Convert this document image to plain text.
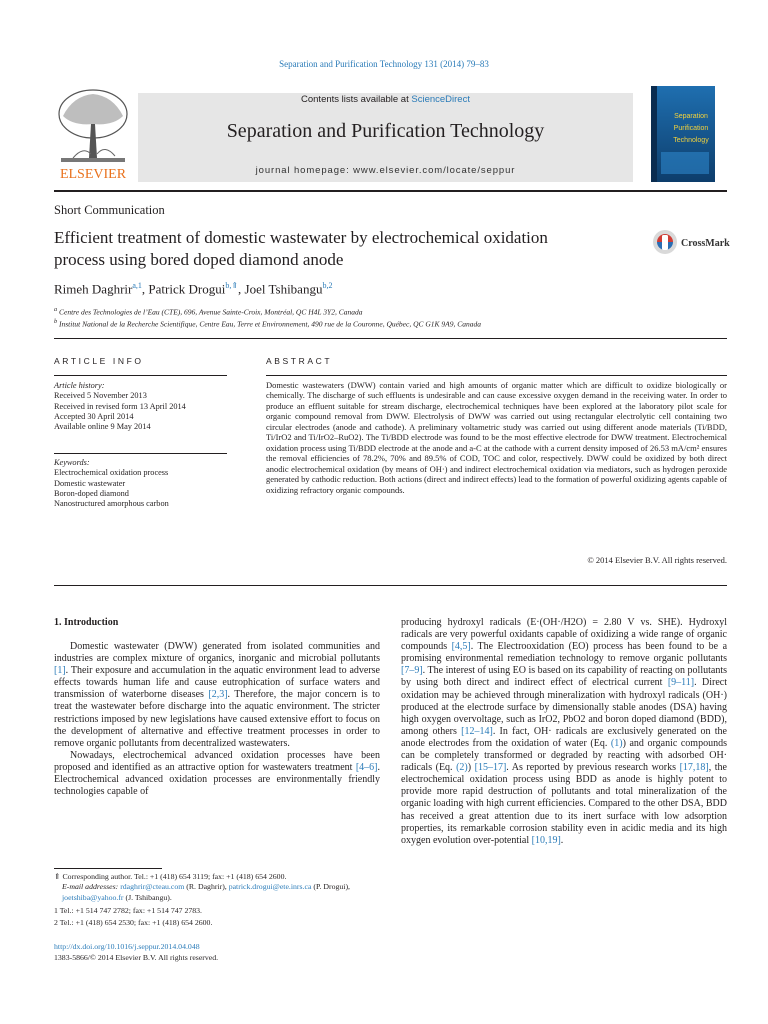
Separation and Purification Technology 131 (2014) 79–83
ELSEVIER
Contents lists available at ScienceDirect
Separation and Purification Technology
journal homepage: www.elsevier.com/locate/seppur
Separation
Purification
Technology
Short Communication
Efficient treatment of domestic wastewater by electrochemical oxidation
process using bored doped diamond anode
CrossMark
Rimeh Daghrir$^{a,1}$, Patrick Drogui$^{b,⇑}$, Joel Tshibangu$^{b,2}$
$^a$ Centre des Technologies de l’Eau (CTE), 696, Avenue Sainte-Croix, Montréal, QC H4L 3Y2, Canada
$^b$ Institut National de la Recherche Scientifique, Centre Eau, Terre et Environnement, 490 rue de la Couronne, Québec, QC G1K 9A9, Canada
ARTICLE INFO	ABSTRACT
Article history:
Received 5 November 2013
Received in revised form 13 April 2014
Accepted 30 April 2014
Available online 9 May 2014
Keywords:
Electrochemical oxidation process
Domestic wastewater
Boron-doped diamond
Nanostructured amorphous carbon
Domestic wastewaters (DWW) contain varied and high amounts of organic matter which are difficult to oxidize biologically or chemically. The discharge of such effluents is undesirable and can cause excessive oxygen demand in the receiving water. In order to produce an effluent suitable for stream discharge, electrochemical techniques have been explored at the laboratory pilot scale for organic compound removal from DWW. Electrolysis of DWW was carried out using rectangular electrolytic cell containing two circular electrodes (anode and cathode). A preliminary voltametric study was carried out using different anode materials (Ti/BDD, Ti/IrO2 and Ti/IrO2–RuO2). The Ti/BDD electrode was found to be the most effective electrode for DWW treatment. Electrochemical oxidation process using Ti/BDD electrode at the anode and a-C at the cathode with a current density imposed of 26.53 mA/cm² ensures the removal efficiencies of 78.2%, 70% and 89.5% of COD, TOC and color, respectively. DWW could be oxidized by both direct anodic electrochemical oxidation (by means of OH·) and indirect electrochemical oxidation via mediators, such as hydrogen peroxide generated by cathodic reduction. Both actions (direct and indirect effects) lead to the formation of powerful oxidizing agents capable of oxidizing refractory organic compounds.
© 2014 Elsevier B.V. All rights reserved.
1. Introduction

Domestic wastewater (DWW) generated from isolated communities and industries are complex mixture of organics, inorganic and microbial pollutants [1]. Their exposure and accumulation in the aquatic environment lead to adverse effects towards human life and cause eutrophication of surface waters and transmission of waterborne diseases [2,3]. Therefore, the major concern is to treat the wastewater before discharge into the aquatic environment. The stricter restrictions imposed by new legislations have caused extensive effort to focus on the development of alternative and effective treatment processes in order to remove organic pollutants from decentralized wastewaters.

Nowadays, electrochemical advanced oxidation processes have been proposed and identified as an attractive option for wastewaters treatment [4–6]. Electrochemical advanced oxidation processes are environmentally friendly technologies capable of

producing hydroxyl radicals (E·(OH·/H2O) = 2.80 V vs. SHE). Hydroxyl radicals are very powerful oxidants capable of oxidizing a wide range of organic compounds [4,5]. The Electrooxidation (EO) process has been found to be a promising environmental remediation technology to remove organic pollutants [7–9]. The interest of using EO is based on its capability of reacting on pollutants by using both direct and indirect effect of electrical current [9–11]. Direct oxidation may be achieved through mineralization with hydroxyl radicals (OH·) produced at the electrode surface by dimensionally stable anodes (DSA) having high oxygen overvoltage, such as IrO2, PbO2 and boron doped diamond (BDD), among others [12–14]. In fact, OH· radicals are exclusively generated on the anode electrodes from the oxidation of water (Eq. (1)) and organic compounds can be completely transformed or degraded by reacting with adsorbed OH· radicals (Eq. (2)) [15–17]. As reported by previous research works [17,18], the electrochemical oxidation process using BDD as anode is highly potent to provide more rapid destruction of pollutants and total mineralization of the organic loading with high current efficiencies. Compared to the other DSA, BDD has received a great attention due to its inert surface with low adsorption properties, its remarkable corrosion stability even in acidic media and its high oxygen evolution over-potential [10,19].

⇑ Corresponding author. Tel.: +1 (418) 654 3119; fax: +1 (418) 654 2600.
E-mail addresses: rdaghrir@cteau.com (R. Daghrir), patrick.drogui@ete.inrs.ca (P. Drogui), joetshiba@yahoo.fr (J. Tshibangu).
1 Tel.: +1 514 747 2782; fax: +1 514 747 2783.
2 Tel.: +1 (418) 654 2530; fax: +1 (418) 654 2600.
http://dx.doi.org/10.1016/j.seppur.2014.04.048
1383-5866/© 2014 Elsevier B.V. All rights reserved.
